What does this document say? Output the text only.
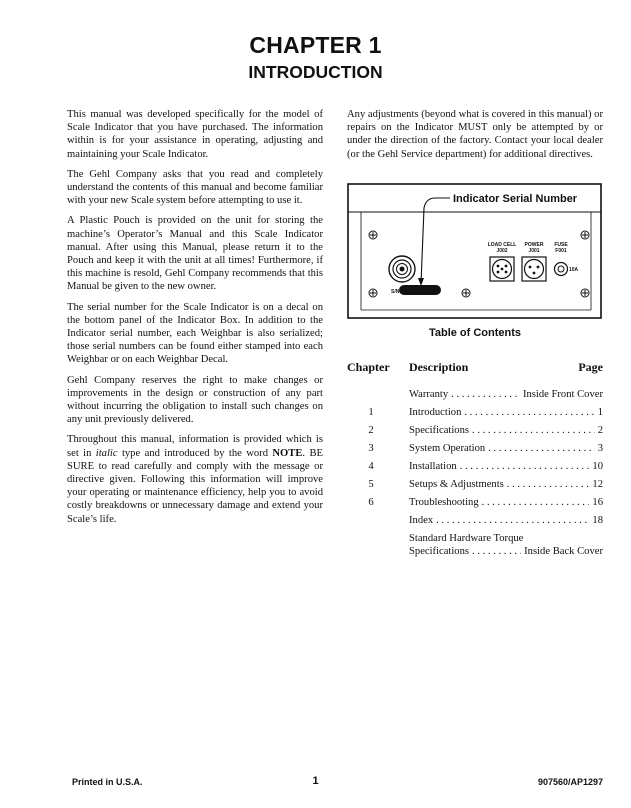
CHAPTER 1
INTRODUCTION

This manual was developed specifically for the model of Scale Indicator that you have purchased. The information within is for your assistance in operating, adjusting and maintaining your Scale Indicator.

The Gehl Company asks that you read and completely understand the contents of this manual and become familiar with your new Scale system before attempting to use it.

A Plastic Pouch is provided on the unit for storing the machine’s Operator’s Manual and this Scale Indicator manual. After using this Manual, please return it to the Pouch and keep it with the unit at all times! Furthermore, if this machine is resold, Gehl Company recommends that this Manual be given to the new owner.

The serial number for the Scale Indicator is on a decal on the bottom panel of the Indicator Box. In addition to the Indicator serial number, each Weighbar is also serialized; those serial numbers can be found either stamped into each Weighbar or on each Weighbar Decal.

Gehl Company reserves the right to make changes or improvements in the design or construction of any part without incurring the obligation to install such changes on any unit previously delivered.

Throughout this manual, information is provided which is set in italic type and introduced by the word NOTE. BE SURE to read carefully and comply with the message or directive given. Following this information will improve your operating or maintenance efficiency, help you to avoid costly breakdowns or unnecessary damage and extend your Scale’s life.

Any adjustments (beyond what is covered in this manual) or repairs on the Indicator MUST only be attempted by or under the direction of the factory. Contact your local dealer (or the Gehl Service department) for additional directives.

S/N
LOAD CELL
J002
POWER
J001
FUSE
F001
10A
Indicator Serial Number
Table of Contents
Chapter Description	Page
Warranty . . .	Inside Front Cover
1	Introduction . . .	1
2	Specifications . . .	2
3	System Operation . . .	3
4	Installation . . .	10
5	Setups & Adjustments . . .	12
6	Troubleshooting . . .	16
Index . . .	18
Standard Hardware Torque
Specifications . . .	Inside Back Cover
Printed in U.S.A.	1	907560/AP1297
